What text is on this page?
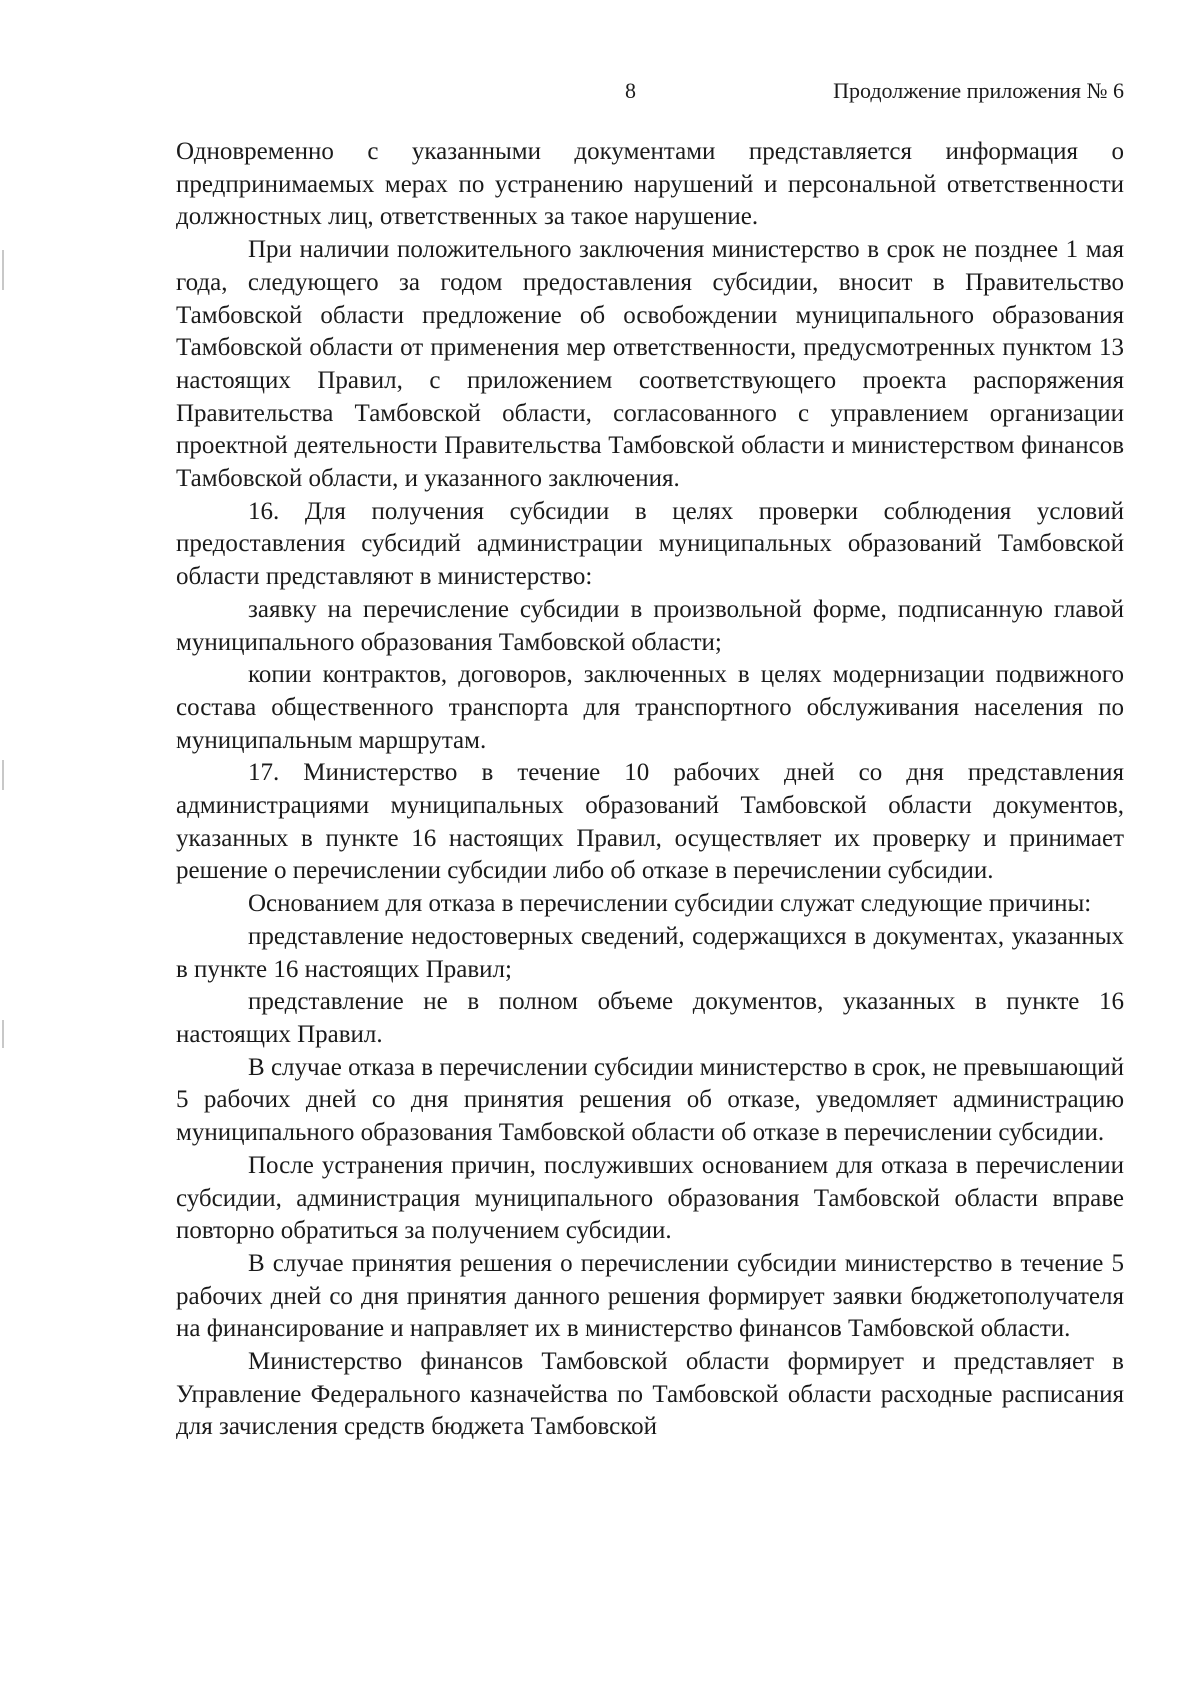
8	Продолжение приложения № 6

Одновременно с указанными документами представляется информация о предпринимаемых мерах по устранению нарушений и персональной ответственности должностных лиц, ответственных за такое нарушение.

При наличии положительного заключения министерство в срок не позднее 1 мая года, следующего за годом предоставления субсидии, вносит в Правительство Тамбовской области предложение об освобождении муниципального образования Тамбовской области от применения мер ответственности, предусмотренных пунктом 13 настоящих Правил, с приложением соответствующего проекта распоряжения Правительства Тамбовской области, согласованного с управлением организации проектной деятельности Правительства Тамбовской области и министерством финансов Тамбовской области, и указанного заключения.

16. Для получения субсидии в целях проверки соблюдения условий предоставления субсидий администрации муниципальных образований Тамбовской области представляют в министерство:

заявку на перечисление субсидии в произвольной форме, подписанную главой муниципального образования Тамбовской области;

копии контрактов, договоров, заключенных в целях модернизации подвижного состава общественного транспорта для транспортного обслуживания населения по муниципальным маршрутам.

17. Министерство в течение 10 рабочих дней со дня представления администрациями муниципальных образований Тамбовской области документов, указанных в пункте 16 настоящих Правил, осуществляет их проверку и принимает решение о перечислении субсидии либо об отказе в перечислении субсидии.

Основанием для отказа в перечислении субсидии служат следующие причины:

представление недостоверных сведений, содержащихся в документах, указанных в пункте 16 настоящих Правил;

представление не в полном объеме документов, указанных в пункте 16 настоящих Правил.

В случае отказа в перечислении субсидии министерство в срок, не превышающий 5 рабочих дней со дня принятия решения об отказе, уведомляет администрацию муниципального образования Тамбовской области об отказе в перечислении субсидии.

После устранения причин, послуживших основанием для отказа в перечислении субсидии, администрация муниципального образования Тамбовской области вправе повторно обратиться за получением субсидии.

В случае принятия решения о перечислении субсидии министерство в течение 5 рабочих дней со дня принятия данного решения формирует заявки бюджетополучателя на финансирование и направляет их в министерство финансов Тамбовской области.

Министерство финансов Тамбовской области формирует и представляет в Управление Федерального казначейства по Тамбовской области расходные расписания для зачисления средств бюджета Тамбовской
